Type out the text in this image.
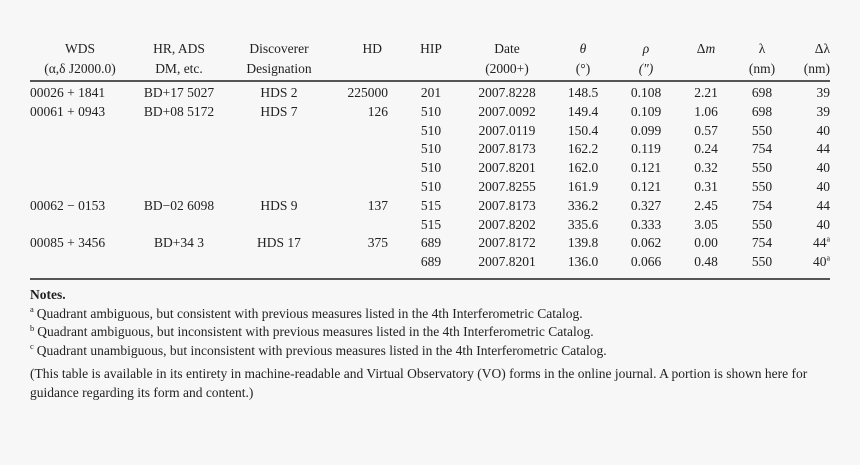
WDS	HR, ADS	Discoverer	HD	HIP	Date	θ	ρ	Δm	λ	Δλ
(α,δ J2000.0)	DM, etc.	Designation			(2000+)	(°)	(″)		(nm)	(nm)
00026 + 1841	BD+17 5027	HDS 2	225000	201	2007.8228	148.5	0.108	2.21	698	39
00061 + 0943	BD+08 5172	HDS 7	126	510	2007.0092	149.4	0.109	1.06	698	39
				510	2007.0119	150.4	0.099	0.57	550	40
				510	2007.8173	162.2	0.119	0.24	754	44
				510	2007.8201	162.0	0.121	0.32	550	40
				510	2007.8255	161.9	0.121	0.31	550	40
00062 − 0153	BD−02 6098	HDS 9	137	515	2007.8173	336.2	0.327	2.45	754	44
				515	2007.8202	335.6	0.333	3.05	550	40
00085 + 3456	BD+34 3	HDS 17	375	689	2007.8172	139.8	0.062	0.00	754	44$^a$
				689	2007.8201	136.0	0.066	0.48	550	40$^a$
Notes.
$^a$ Quadrant ambiguous, but consistent with previous measures listed in the 4th Interferometric Catalog.
$^b$ Quadrant ambiguous, but inconsistent with previous measures listed in the 4th Interferometric Catalog.
$^c$ Quadrant unambiguous, but inconsistent with previous measures listed in the 4th Interferometric Catalog.
(This table is available in its entirety in machine-readable and Virtual Observatory (VO) forms in the online journal. A portion is shown here for guidance regarding its form and content.)
